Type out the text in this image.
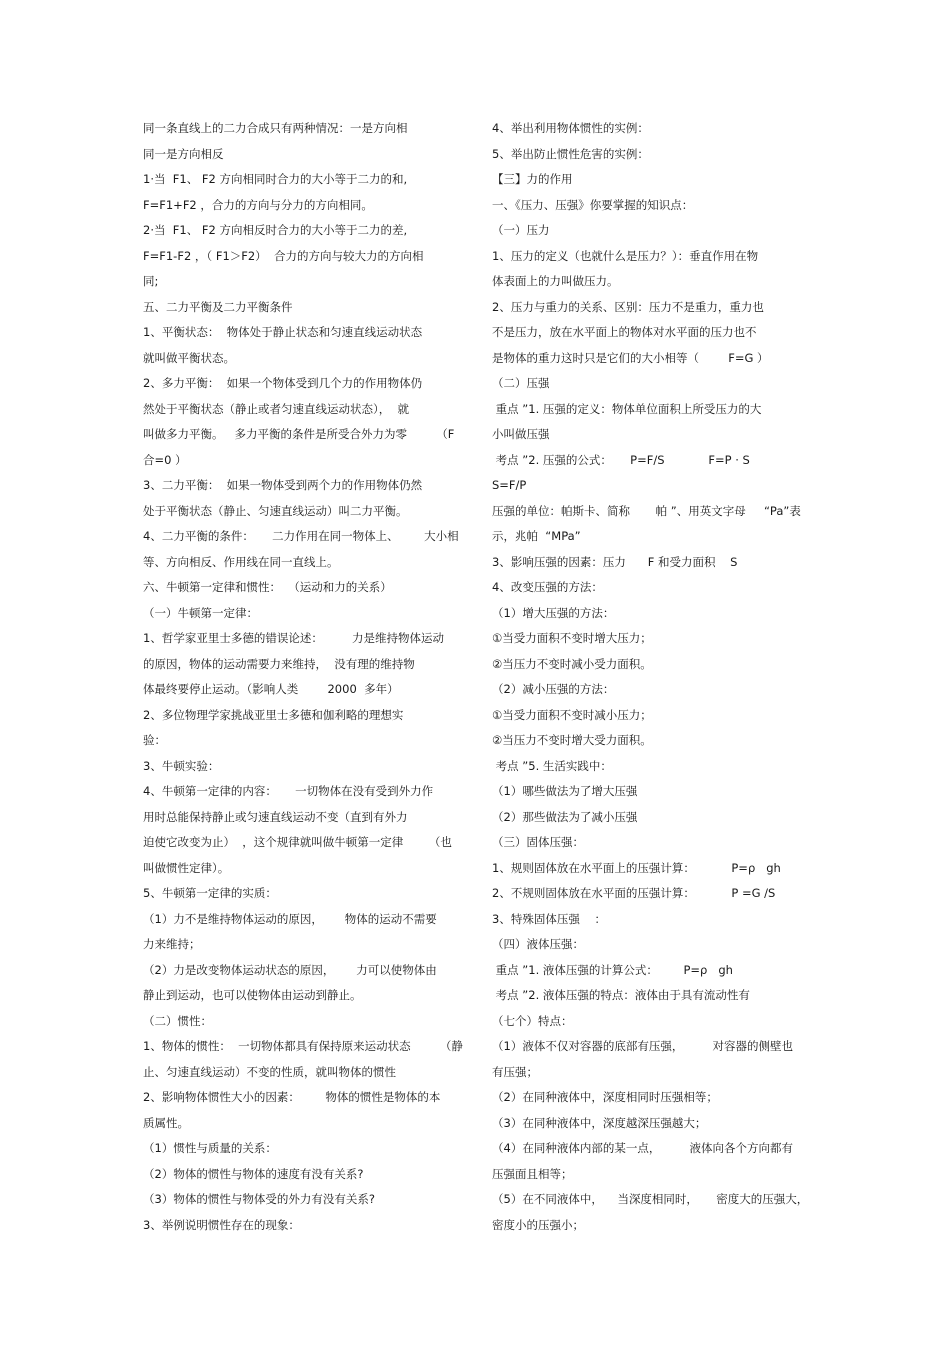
同一条直线上的二力合成只有两种情况：一是方向相
同一是方向相反
1·当  F1、 F2 方向相同时合力的大小等于二力的和,
F=F1+F2 ，合力的方向与分力的方向相同。
2·当  F1、 F2 方向相反时合力的大小等于二力的差,
F=F1-F2 ，（ F1＞F2）  合力的方向与较大力的方向相
同;
五、二力平衡及二力平衡条件
1、平衡状态：  物体处于静止状态和匀速直线运动状态
就叫做平衡状态。
2、多力平衡：  如果一个物体受到几个力的作用物体仍
然处于平衡状态（静止或者匀速直线运动状态），  就
叫做多力平衡。   多力平衡的条件是所受合外力为零        （F
合=0 ）
3、二力平衡：  如果一物体受到两个力的作用物体仍然
处于平衡状态（静止、匀速直线运动）叫二力平衡。
4、二力平衡的条件：     二力作用在同一物体上、       大小相
等、方向相反、作用线在同一直线上。
六、牛顿第一定律和惯性：  （运动和力的关系）
（一）牛顿第一定律：
1、哲学家亚里士多德的错误论述：        力是维持物体运动
的原因，物体的运动需要力来维持，  没有理的维持物
体最终要停止运动。（影响人类        2000  多年）
2、多位物理学家挑战亚里士多德和伽利略的理想实
验：
3、牛顿实验：
4、牛顿第一定律的内容：     一切物体在没有受到外力作
用时总能保持静止或匀速直线运动不变（直到有外力
迫使它改变为止）  ，这个规律就叫做牛顿第一定律       （也
叫做惯性定律）。
5、牛顿第一定律的实质：
（1）力不是维持物体运动的原因，      物体的运动不需要
力来维持；
（2）力是改变物体运动状态的原因，      力可以使物体由
静止到运动，也可以使物体由运动到静止。
（二）惯性：
1、物体的惯性：  一切物体都具有保持原来运动状态        （静
止、匀速直线运动）不变的性质，就叫物体的惯性
2、影响物体惯性大小的因素：       物体的惯性是物体的本
质属性。
（1）惯性与质量的关系：
（2）物体的惯性与物体的速度有没有关系?
（3）物体的惯性与物体受的外力有没有关系?
3、举例说明惯性存在的现象：
4、举出利用物体惯性的实例：
5、举出防止惯性危害的实例：
【三】力的作用
一、《压力、压强》你要掌握的知识点：
（一）压力
1、压力的定义（也就什么是压力？）：垂直作用在物
体表面上的力叫做压力。
2、压力与重力的关系、区别：压力不是重力，重力也
不是压力，放在水平面上的物体对水平面的压力也不
是物体的重力这时只是它们的大小相等（        F=G ）
（二）压强
重点 ”1. 压强的定义：物体单位面积上所受压力的大
小叫做压强
考点 ”2. 压强的公式：     P=F/S            F=P · S
S=F/P
压强的单位：帕斯卡、简称       帕 ”、用英文字母     “Pa”表
示，兆帕  “MPa”
3、影响压强的因素：压力      F 和受力面积    S
4、改变压强的方法：
（1）增大压强的方法：
①当受力面积不变时增大压力；
②当压力不变时减小受力面积。
（2）减小压强的方法：
①当受力面积不变时减小压力；
②当压力不变时增大受力面积。
考点 ”5. 生活实践中：
（1）哪些做法为了增大压强
（2）那些做法为了减小压强
（三）固体压强：
1、规则固体放在水平面上的压强计算：          P=ρ   gh
2、不规则固体放在水平面的压强计算：          P =G /S
3、特殊固体压强    ：
（四）液体压强：
重点 ”1. 液体压强的计算公式：       P=ρ   gh
考点 ”2. 液体压强的特点：液体由于具有流动性有
（七个）特点：
（1）液体不仅对容器的底部有压强，        对容器的侧壁也
有压强；
（2）在同种液体中，深度相同时压强相等；
（3）在同种液体中，深度越深压强越大；
（4）在同种液体内部的某一点，        液体向各个方向都有
压强面且相等；
（5）在不同液体中，    当深度相同时，     密度大的压强大，
密度小的压强小；
